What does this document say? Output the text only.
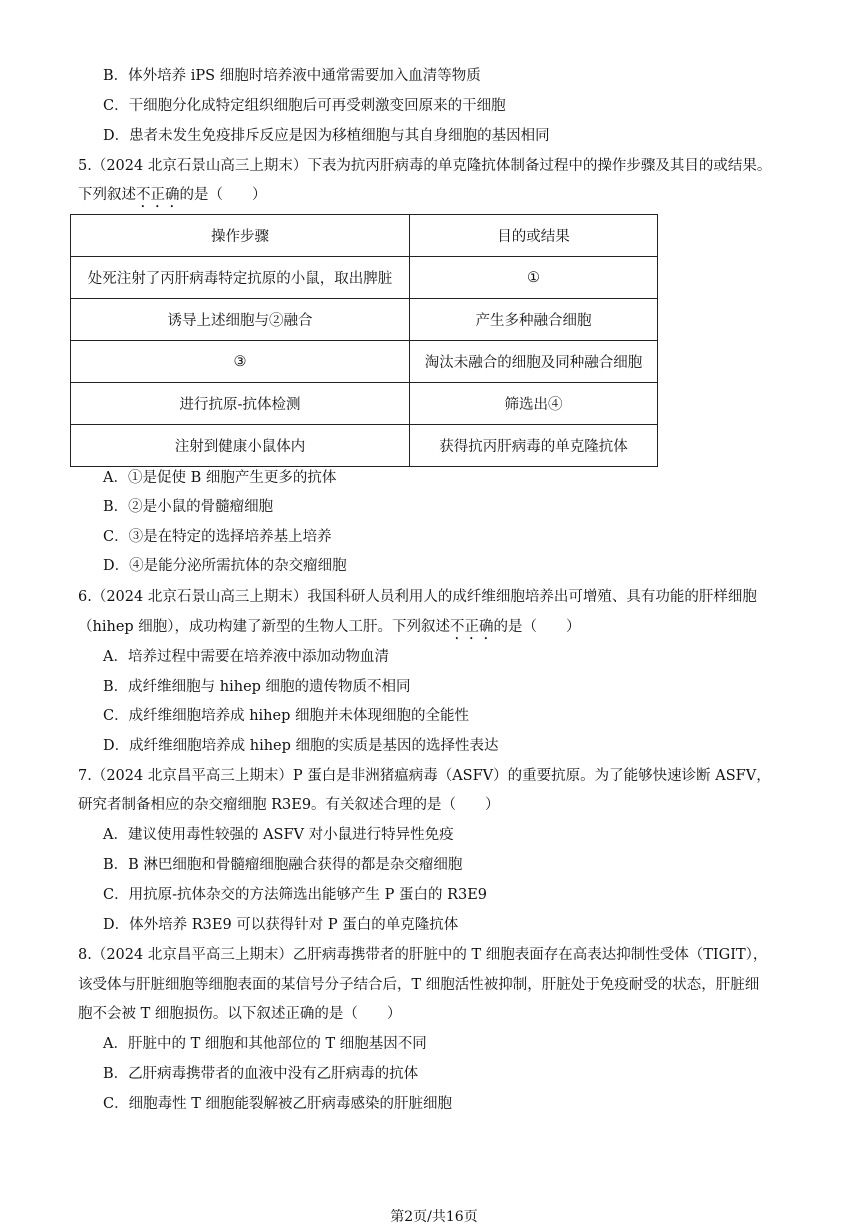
B．体外培养 iPS 细胞时培养液中通常需要加入血清等物质
C．干细胞分化成特定组织细胞后可再受刺激变回原来的干细胞
D．患者未发生免疫排斥反应是因为移植细胞与其自身细胞的基因相同
5.（2024 北京石景山高三上期末）下表为抗丙肝病毒的单克隆抗体制备过程中的操作步骤及其目的或结果。
下列叙述不正确的是（　　）
操作步骤	目的或结果
处死注射了丙肝病毒特定抗原的小鼠，取出脾脏	①
诱导上述细胞与②融合	产生多种融合细胞
③	淘汰未融合的细胞及同种融合细胞
进行抗原-抗体检测	筛选出④
注射到健康小鼠体内	获得抗丙肝病毒的单克隆抗体
A．①是促使 B 细胞产生更多的抗体
B．②是小鼠的骨髓瘤细胞
C．③是在特定的选择培养基上培养
D．④是能分泌所需抗体的杂交瘤细胞
6.（2024 北京石景山高三上期末）我国科研人员利用人的成纤维细胞培养出可增殖、具有功能的肝样细胞
（hihep 细胞），成功构建了新型的生物人工肝。下列叙述不正确的是（　　）
A．培养过程中需要在培养液中添加动物血清
B．成纤维细胞与 hihep 细胞的遗传物质不相同
C．成纤维细胞培养成 hihep 细胞并未体现细胞的全能性
D．成纤维细胞培养成 hihep 细胞的实质是基因的选择性表达
7.（2024 北京昌平高三上期末）P 蛋白是非洲猪瘟病毒（ASFV）的重要抗原。为了能够快速诊断 ASFV，
研究者制备相应的杂交瘤细胞 R3E9。有关叙述合理的是（　　）
A．建议使用毒性较强的 ASFV 对小鼠进行特异性免疫
B．B 淋巴细胞和骨髓瘤细胞融合获得的都是杂交瘤细胞
C．用抗原-抗体杂交的方法筛选出能够产生 P 蛋白的 R3E9
D．体外培养 R3E9 可以获得针对 P 蛋白的单克隆抗体
8.（2024 北京昌平高三上期末）乙肝病毒携带者的肝脏中的 T 细胞表面存在高表达抑制性受体（TIGIT），
该受体与肝脏细胞等细胞表面的某信号分子结合后，T 细胞活性被抑制，肝脏处于免疫耐受的状态，肝脏细
胞不会被 T 细胞损伤。以下叙述正确的是（　　）
A．肝脏中的 T 细胞和其他部位的 T 细胞基因不同
B．乙肝病毒携带者的血液中没有乙肝病毒的抗体
C．细胞毒性 T 细胞能裂解被乙肝病毒感染的肝脏细胞
第2页/共16页
